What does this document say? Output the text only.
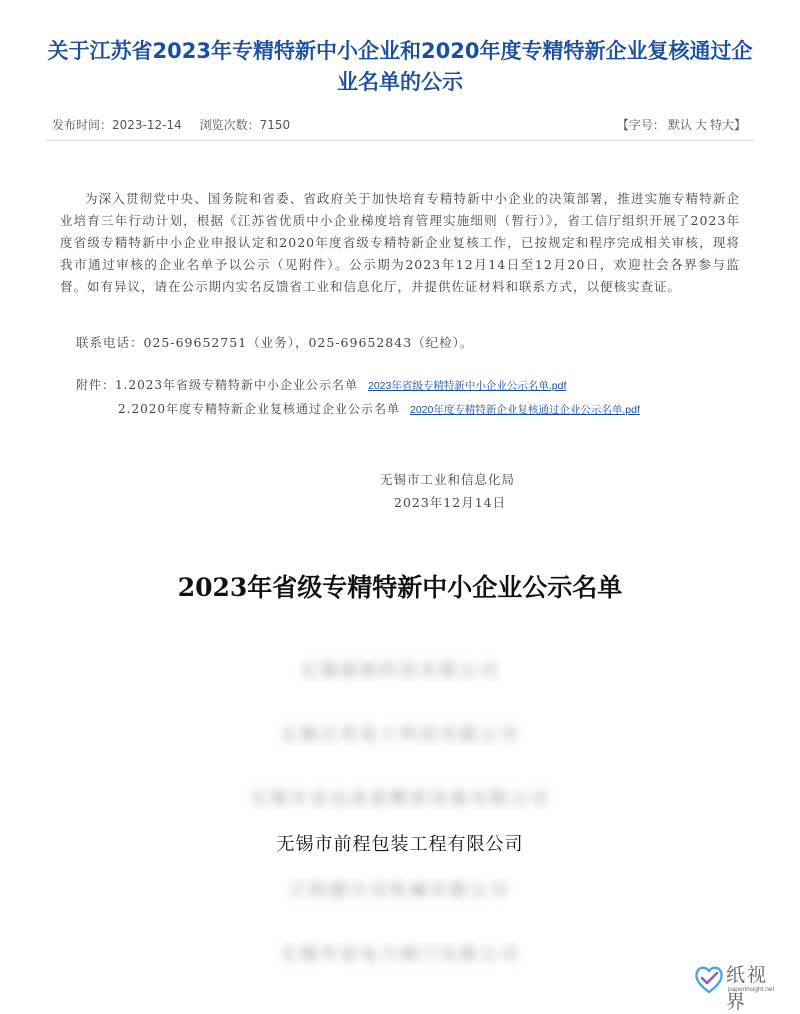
关于江苏省2023年专精特新中小企业和2020年度专精特新企业复核通过企业名单的公示
发布时间：2023-12-14 浏览次数：7150	【字号： 默认 大 特大】

为深入贯彻党中央、国务院和省委、省政府关于加快培育专精特新中小企业的决策部署，推进实施专精特新企业培育三年行动计划，根据《江苏省优质中小企业梯度培育管理实施细则（暂行）》，省工信厅组织开展了2023年度省级专精特新中小企业申报认定和2020年度省级专精特新企业复核工作，已按规定和程序完成相关审核，现将我市通过审核的企业名单予以公示（见附件）。公示期为2023年12月14日至12月20日，欢迎社会各界参与监督。如有异议，请在公示期内实名反馈省工业和信息化厅，并提供佐证材料和联系方式，以便核实查证。

联系电话：025-69652751（业务），025-69652843（纪检）。

附件：1.2023年省级专精特新中小企业公示名单 2023年省级专精特新中小企业公示名单.pdf
2.2020年度专精特新企业复核通过企业公示名单 2020年度专精特新企业复核通过企业公示名单.pdf
无锡市工业和信息化局
2023年12月14日
2023年省级专精特新中小企业公示名单
无锡展硕科技有限公司
无锡百英电子科技有限公司
无锡市金达成套精密设备有限公司
无锡市前程包装工程有限公司
江阴德尔克机械有限公司
无锡华星电力阀门有限公司
纸视界
paperinsight.net
